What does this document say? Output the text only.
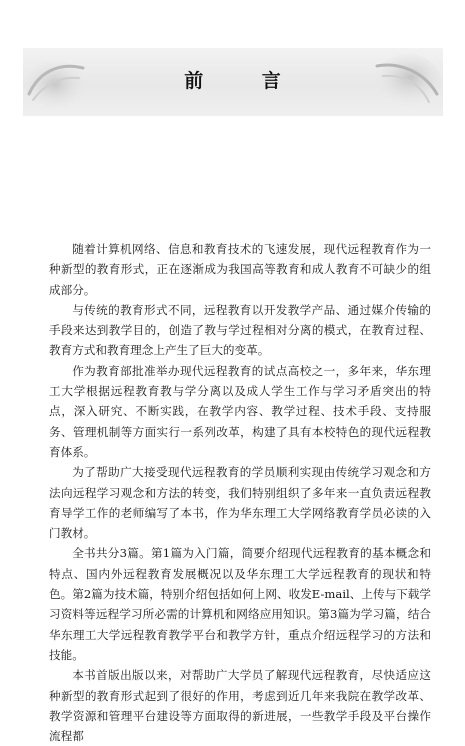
前 言

随着计算机网络、信息和教育技术的飞速发展，现代远程教育作为一种新型的教育形式，正在逐渐成为我国高等教育和成人教育不可缺少的组成部分。

与传统的教育形式不同，远程教育以开发教学产品、通过媒介传输的手段来达到教学目的，创造了教与学过程相对分离的模式，在教育过程、教育方式和教育理念上产生了巨大的变革。

作为教育部批准举办现代远程教育的试点高校之一，多年来，华东理工大学根据远程教育教与学分离以及成人学生工作与学习矛盾突出的特点，深入研究、不断实践，在教学内容、教学过程、技术手段、支持服务、管理机制等方面实行一系列改革，构建了具有本校特色的现代远程教育体系。

为了帮助广大接受现代远程教育的学员顺利实现由传统学习观念和方法向远程学习观念和方法的转变，我们特别组织了多年来一直负责远程教育导学工作的老师编写了本书，作为华东理工大学网络教育学员必读的入门教材。

全书共分3篇。第1篇为入门篇，简要介绍现代远程教育的基本概念和特点、国内外远程教育发展概况以及华东理工大学远程教育的现状和特色。第2篇为技术篇，特别介绍包括如何上网、收发E-mail、上传与下载学习资料等远程学习所必需的计算机和网络应用知识。第3篇为学习篇，结合华东理工大学远程教育教学平台和教学方针，重点介绍远程学习的方法和技能。

本书首版出版以来，对帮助广大学员了解现代远程教育，尽快适应这种新型的教育形式起到了很好的作用，考虑到近几年来我院在教学改革、教学资源和管理平台建设等方面取得的新进展，一些教学手段及平台操作流程都
